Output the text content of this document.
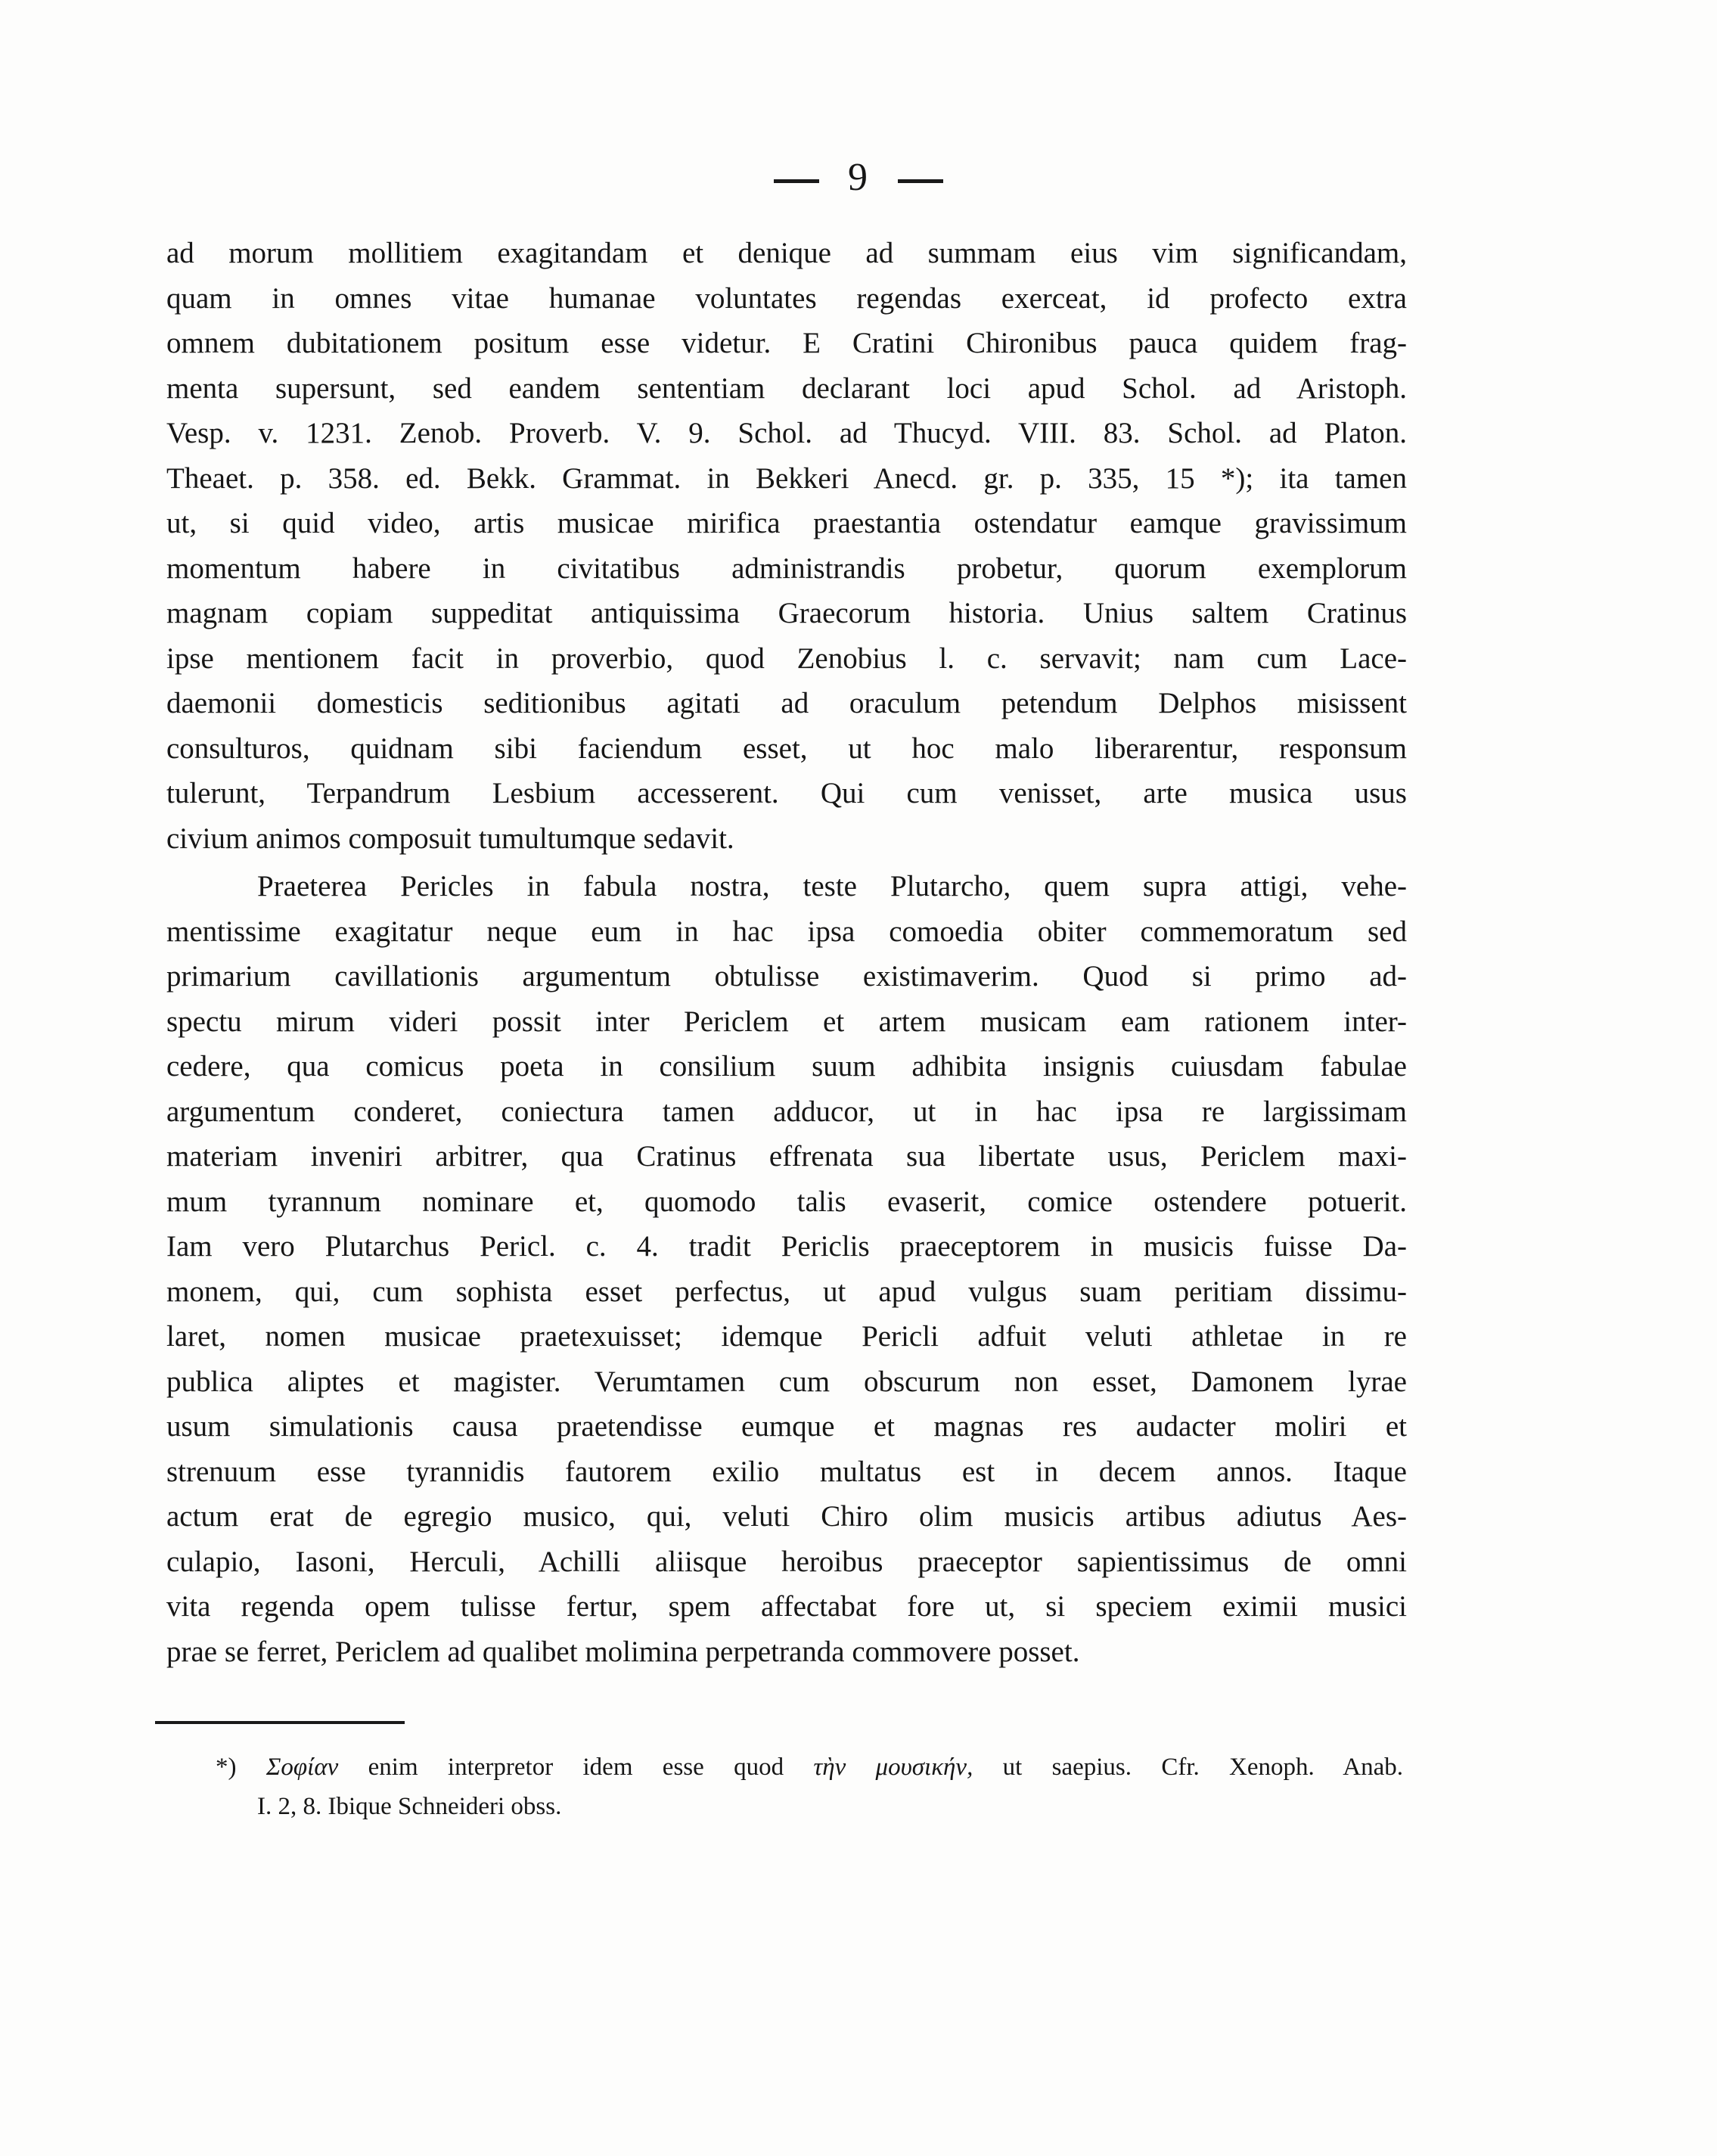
9
ad morum mollitiem exagitandam et denique ad summam eius vim significandam,
quam in omnes vitae humanae voluntates regendas exerceat, id profecto extra
omnem dubitationem positum esse videtur. E Cratini Chironibus pauca quidem frag-
menta supersunt, sed eandem sententiam declarant loci apud Schol. ad Aristoph.
Vesp. v. 1231. Zenob. Proverb. V. 9. Schol. ad Thucyd. VIII. 83. Schol. ad Platon.
Theaet. p. 358. ed. Bekk. Grammat. in Bekkeri Anecd. gr. p. 335, 15 *); ita tamen
ut, si quid video, artis musicae mirifica praestantia ostendatur eamque gravissimum
momentum habere in civitatibus administrandis probetur, quorum exemplorum
magnam copiam suppeditat antiquissima Graecorum historia. Unius saltem Cratinus
ipse mentionem facit in proverbio, quod Zenobius l. c. servavit; nam cum Lace-
daemonii domesticis seditionibus agitati ad oraculum petendum Delphos misissent
consulturos, quidnam sibi faciendum esset, ut hoc malo liberarentur, responsum
tulerunt, Terpandrum Lesbium accesserent. Qui cum venisset, arte musica usus
civium animos composuit tumultumque sedavit.
Praeterea Pericles in fabula nostra, teste Plutarcho, quem supra attigi, vehe-
mentissime exagitatur neque eum in hac ipsa comoedia obiter commemoratum sed
primarium cavillationis argumentum obtulisse existimaverim. Quod si primo ad-
spectu mirum videri possit inter Periclem et artem musicam eam rationem inter-
cedere, qua comicus poeta in consilium suum adhibita insignis cuiusdam fabulae
argumentum conderet, coniectura tamen adducor, ut in hac ipsa re largissimam
materiam inveniri arbitrer, qua Cratinus effrenata sua libertate usus, Periclem maxi-
mum tyrannum nominare et, quomodo talis evaserit, comice ostendere potuerit.
Iam vero Plutarchus Pericl. c. 4. tradit Periclis praeceptorem in musicis fuisse Da-
monem, qui, cum sophista esset perfectus, ut apud vulgus suam peritiam dissimu-
laret, nomen musicae praetexuisset; idemque Pericli adfuit veluti athletae in re
publica aliptes et magister. Verumtamen cum obscurum non esset, Damonem lyrae
usum simulationis causa praetendisse eumque et magnas res audacter moliri et
strenuum esse tyrannidis fautorem exilio multatus est in decem annos. Itaque
actum erat de egregio musico, qui, veluti Chiro olim musicis artibus adiutus Aes-
culapio, Iasoni, Herculi, Achilli aliisque heroibus praeceptor sapientissimus de omni
vita regenda opem tulisse fertur, spem affectabat fore ut, si speciem eximii musici
prae se ferret, Periclem ad qualibet molimina perpetranda commovere posset.
*) Σοφίαν enim interpretor idem esse quod τὴν μουσικήν, ut saepius. Cfr. Xenoph. Anab.
I. 2, 8. Ibique Schneideri obss.
